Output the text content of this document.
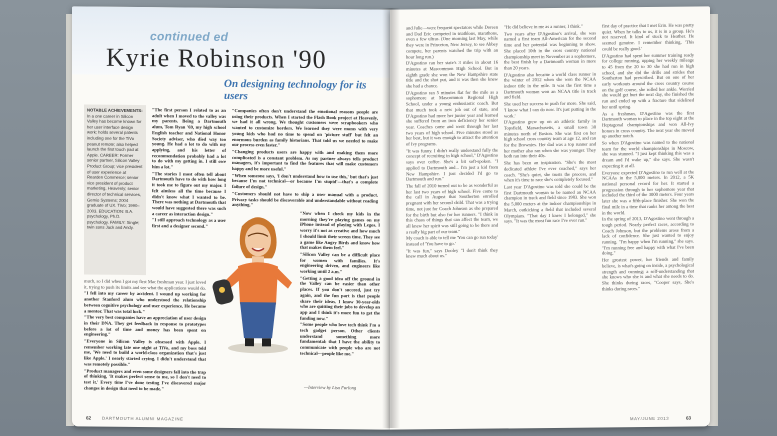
continued ed
Kyrie Robinson '90
On designing technology for its users
NOTABLE ACHIEVEMENTS: In a one career in Silicon Valley has become known for her user interface design work; holds several patents including one for the TiVo peanut remote; also helped launch the first touch pad at Apple. CAREER: Former senior partner, Silicon Valley Product Group; vice president of user experience at Rearden Commerce; senior vice president of product marketing, Heavenly; senior director of technical services, Gemio Systems; 2004 graduate of UX. TiVo; 1990–2003. EDUCATION: B.A. psychology, Ph.D. psychology. FAMILY: Single; twin sons Jack and Andy.

much, so I did when I got my first Mac freshman year. I just loved it, trying to push its limits and see what the applications would do.

"I fell into my career by accident. I wound up working for another Stanford alum who understood the relationship between cognitive psychology and user experience. He became a mentor. That was total luck."

"The very best companies have an appreciation of user design in their DNA. They get feedback in response to prototypes before a lot of time and money has been spent on engineering."

"Everyone in Silicon Valley is obsessed with Apple. I remember working late one night at TiVo, and my boss told me, 'We need to build a world-class organization that's just like Apple.' I nearly started crying. I didn't understand that was remotely possible."

"Product managers and even some designers fall into the trap of thinking, 'It makes perfect sense to me, so I don't need to test it.' Every time I've done testing I've discovered major changes in design that need to be made."

"The first person I related to as an adult when I moved to the valley was my parents. Being a Dartmouth alum, Tom Ryan '69, my high school English teacher and National Honor Society adviser, who died way too young. He had a lot to do with my applying, and his letter of recommendation probably had a lot to do with my getting in. I still owe him a lot."

"The stories I most often tell about Dartmouth have to do with how long it took me to figure out my major. I felt aimless all the time because I didn't know what I wanted to be. There was nothing at Dartmouth that would have suggested there was such a career as interaction design."

"I still approach technology as a user first and a designer second."

"Companies often don't understand the emotional reasons people are using their products. When I started the Flash Book project at Heavenly, we had it all wrong. We thought customers were scrapbookers who wanted to customize borders. We learned they were moms with very young kids who had no time to spend on 'picture stuff' but felt an enormous burden as family historians. That told us we needed to make our process even faster."

"Changing products users are happy with and making them more complicated is a constant problem. As my partner always tells product managers, it's important to find the features that will make customers happy and be more useful."

"When someone says, 'I don't understand how to use this,' but that's just because I'm not technical—or because I'm stupid'—that's a complete failure of design."

"Customers should not have to ship a user manual with a product. Privacy tasks should be discoverable and understandable without reading anything."

"Now when I check my kids in the morning they're playing games on my iPhone instead of playing with Legos. I worry it's not as creative and how much I should limit their screen time. They see a game like Angry Birds and know how that makes them feel."

"Silicon Valley can be a difficult place for women with families. It's engineering driven, and engineers like working until 2 a.m."

"Getting a good idea off the ground in the Valley can be easier than other places. If you don't succeed, just try again, and the fun part is that people share their ideas. I know 30-year-olds who are quitting their jobs to develop an app and I think it's more fun to get the funding now."

"Some people who love tech think I'm a tech gadget person. Other clients understand something more fundamental: that I have the ability to communicate with people who are not technical—people like me."

—Interview by Lisa Furlong
62	DARTMOUTH ALUMNI MAGAZINE

and Julie—were frequent spectators while Doreen and Dad Eric competed in triathlons, marathons, even a few ultras. (One morning last May, while they were in Princeton, New Jersey, to see Abbey compete, her parents watched the trip with an hour long run.)

D'Agostino ran her state's 3 miles in about 16 minutes at Mascommon High School. But in eighth grade she won the New Hampshire state title and the shot put, and it was then she knew she had a chance.

D'Agostino ran 5 minutes flat for the mile as a sophomore at Mascommon Regional High School, under a young enthusiastic coach. But that much took a new job out of state, and D'Agostino had more her junior year and learned she suffered from an iron deficiency her senior year. Coaches came and went through her last two years of high school. Five minutes stood as her best, but it was enough to attract the attention of Ivy programs.

"It was funny. I didn't really understand fully the concept of recruiting in high school," D'Agostino says over coffee. She's a bit soft-spoken. "I applied to Dartmouth and... I'm just a kid from New Hampshire. I just decided I'd go to Dartmouth and run."

The fall of 2010 turned out to be as wonderful as her last two years of high school. Five come to the call in August that Southerton enrolled pregnant with her second child. That was a trying time, not just for Coach Johnson as she prepared for the birth but also for her runners. "I think in this chaos of things that can affect the team, we all knew her spirit was still going to be there and a really big part of our team."

My coach is able to tell me 'You can go run today' instead of 'You have to go.'

"It was fun," says Dooley "I don't think they knew much about us."

"He did believe in me as a runner, I think."

Two years after D'Agostino's arrival, she was named a first team All-American for the second time and her potential was beginning to show. She placed 10th in the cross country national championship meet in November as a sophomore, the best finish by a Dartmouth woman in more than 20 years.

D'Agostino also became a world class runner in the winter of 2012 when she won the NCAA indoor title in the mile. It was the first time a Dartmouth woman won an NCAA title in track and field.

She used her success to push for more. She said, 'I know what I can do now. It's just putting in the work.'

D'Agostino grew up on an athletic family in Topsfield, Massachusetts, a small town 30 minutes north of Boston. She was first on her high school cross country team at age 12, and ran for the Brownies. Her dad was a top runner and her mother also ran when she was younger. They both ran into their 40s.

She has been an inspiration. "She's the most dedicated athlete I've ever coached," says her coach. "She's quiet, she trusts the process, and when it's time to race she's completely focused."

Last year D'Agostino was told she could be the first Dartmouth woman to be named an NCAA champion in track and field since 1983. She won the 5,000 meters at the indoor championships in March, outkicking a field that included several Olympians. "That day I knew I belonged," she says. "It was the most fun race I've ever run."

first day of practice that I met Erin. He was pretty quiet. When he talks to us, it is in a group. He's not reserved. It kind of stuck to Heather. He seemed genuine. I remember thinking, 'This could be really good.'

D'Agostino had spent her summer training ready for college running, upping her weekly mileage to 45 from the 20 to 30 she had run in high school, and she did the drills and strides that Southerton had prescribed. But on one of her early workouts around the cross country course on the golf course, she rolled her ankle. Worried she would get hurt the next day, she finished the run and ended up with a fracture that sidelined her until spring.

As a freshman, D'Agostino was the first Dartmouth woman to place in the top eight at the Heptagonal championships and won All-Ivy honors in cross country. The next year she moved up another notch.

So when D'Agostino was named to the national team for the world championships in Moscow, she was stunned. "I just kept thinking this was a dream and I'd wake up," she says. She wasn't expecting it at all.

Everyone expected D'Agostino to run well at the NCAAs in the 5,000 meters. In 2012, a 5K national personal record for her. It started a progression through to her sophomore year that included the third of the 3000 meters. Four years later she was a fifth-place finisher. She won the final mile in a time that ranks her among the best in the world.

In the spring of 2013, D'Agostino went through a tough period. Nearly perfect races, according to Coach Johnson, but the problems arose from a lack of confidence. She just wanted to enjoy running. "I'm happy when I'm running," she says. "I'm running free and happy with what I've been doing."

Her greatest power, her friends and family believe, is what's going on inside, a psychological strength and cunning; a self-understanding that she knows who she is and what she needs to do. She thinks during races, "Cooper says, She's thinks during races."

MAY/JUNE 2013	63
